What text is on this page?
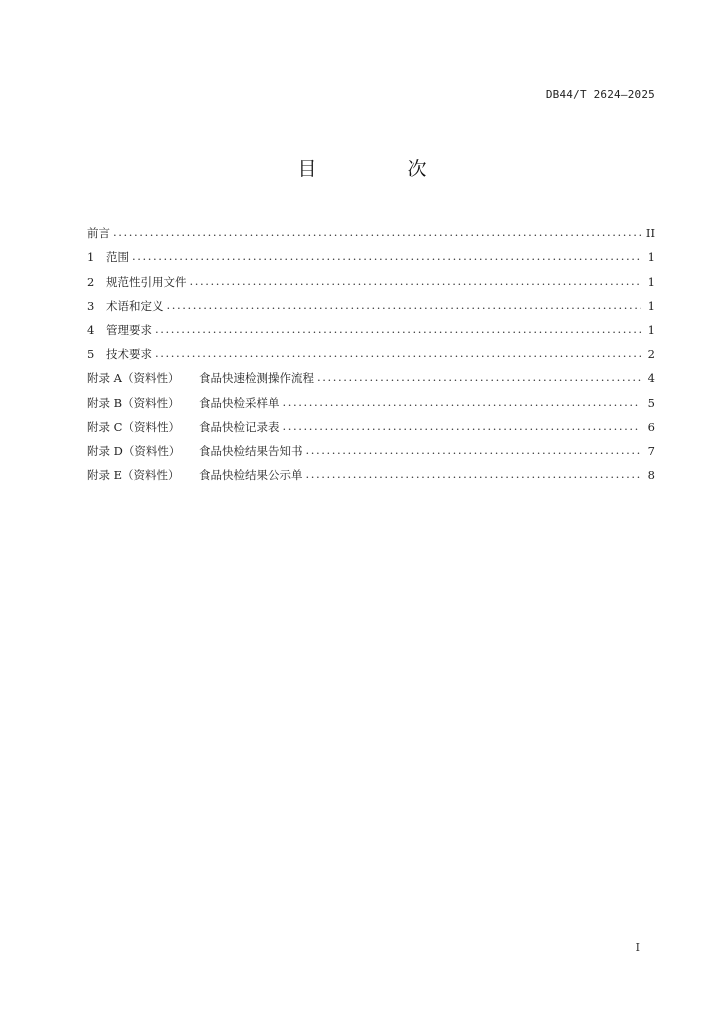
DB44/T 2624—2025
目　次
前言 .....	II
1	范围 .....	1
2	规范性引用文件 .....	1
3	术语和定义 .....	1
4	管理要求 .....	1
5	技术要求 .....	2
附录 A（资料性）	食品快速检测操作流程 .....	4
附录 B（资料性）	食品快检采样单 .....	5
附录 C（资料性）	食品快检记录表 .....	6
附录 D（资料性）	食品快检结果告知书 .....	7
附录 E（资料性）	食品快检结果公示单 .....	8
I
